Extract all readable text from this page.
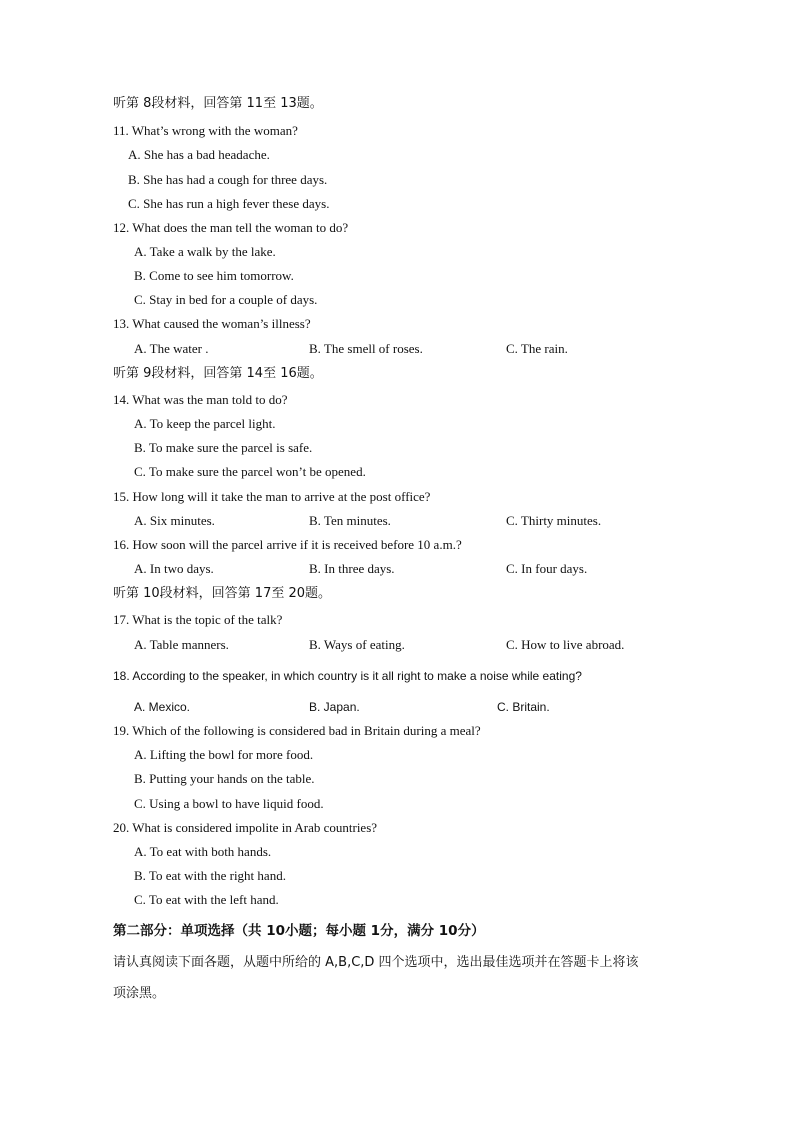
听第 8段材料，回答第 11至 13题。
11. What’s wrong with the woman?
A. She has a bad headache.
B. She has had a cough for three days.
C. She has run a high fever these days.
12. What does the man tell the woman to do?
A. Take a walk by the lake.
B. Come to see him tomorrow.
C. Stay in bed for a couple of days.
13. What caused the woman’s illness?
A. The water .	B. The smell of roses.	C. The rain.
听第 9段材料，回答第 14至 16题。
14. What was the man told to do?
A. To keep the parcel light.
B. To make sure the parcel is safe.
C. To make sure the parcel won’t be opened.
15. How long will it take the man to arrive at the post office?
A. Six minutes.	B. Ten minutes.	C. Thirty minutes.
16. How soon will the parcel arrive if it is received before 10 a.m.?
A. In two days.	B. In three days.	C. In four days.
听第 10段材料，回答第 17至 20题。
17. What is the topic of the talk?
A. Table manners.	B. Ways of eating.	C. How to live abroad.
18. According to the speaker, in which country is it all right to make a noise while eating?
A. Mexico.	B. Japan.	C. Britain.
19. Which of the following is considered bad in Britain during a meal?
A. Lifting the bowl for more food.
B. Putting your hands on the table.
C. Using a bowl to have liquid food.
20. What is considered impolite in Arab countries?
A. To eat with both hands.
B. To eat with the right hand.
C. To eat with the left hand.
第二部分：单项选择（共 10小题；每小题 1分，满分 10分）
请认真阅读下面各题，从题中所给的 A,B,C,D 四个选项中，选出最佳选项并在答题卡上将该
项涂黑。
